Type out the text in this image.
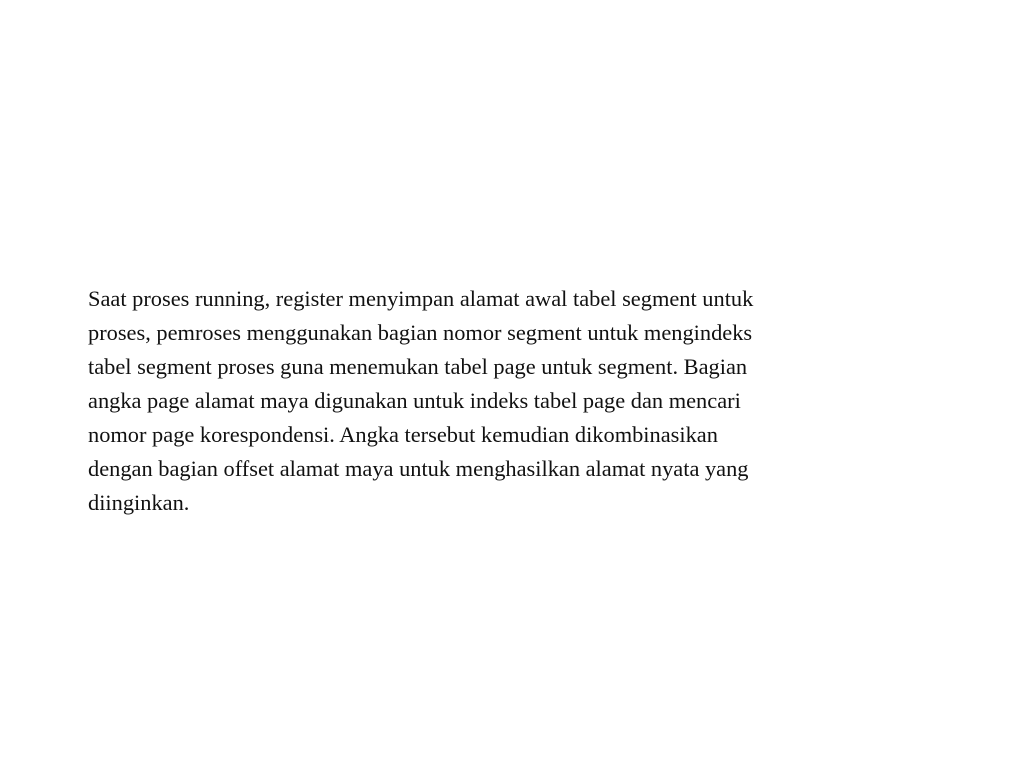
Saat proses running, register menyimpan alamat awal tabel segment untuk
proses, pemroses menggunakan bagian nomor segment untuk mengindeks
tabel segment proses guna menemukan tabel page untuk segment. Bagian
angka page alamat maya digunakan untuk indeks tabel page dan mencari
nomor page korespondensi. Angka tersebut kemudian dikombinasikan
dengan bagian offset alamat maya untuk menghasilkan alamat nyata yang
diinginkan.
